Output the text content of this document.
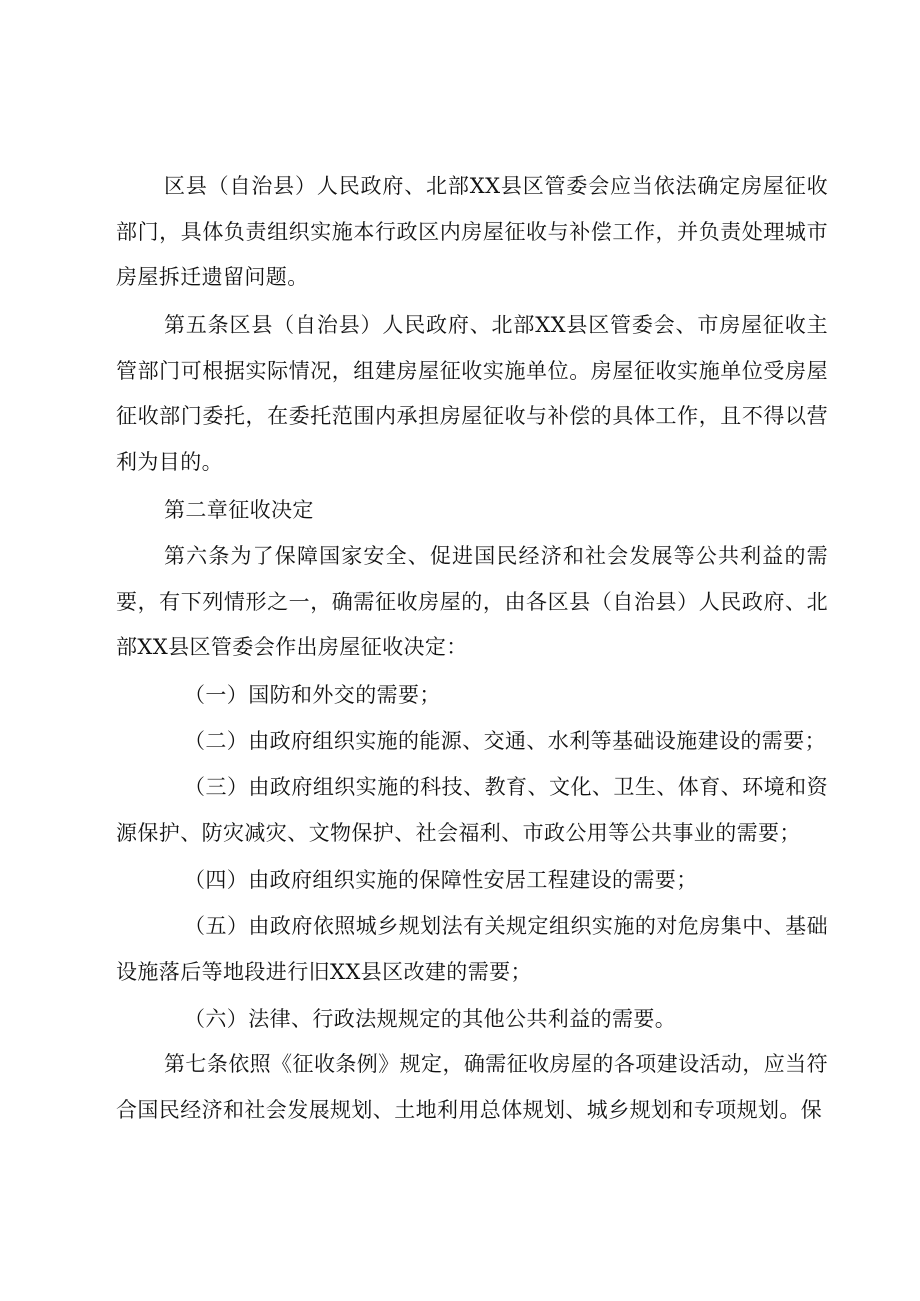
区县（自治县）人民政府、北部XX县区管委会应当依法确定房屋征收部门，具体负责组织实施本行政区内房屋征收与补偿工作，并负责处理城市房屋拆迁遗留问题。

第五条区县（自治县）人民政府、北部XX县区管委会、市房屋征收主管部门可根据实际情况，组建房屋征收实施单位。房屋征收实施单位受房屋征收部门委托，在委托范围内承担房屋征收与补偿的具体工作，且不得以营利为目的。

第二章征收决定

第六条为了保障国家安全、促进国民经济和社会发展等公共利益的需要，有下列情形之一，确需征收房屋的，由各区县（自治县）人民政府、北部XX县区管委会作出房屋征收决定：

（一）国防和外交的需要；

（二）由政府组织实施的能源、交通、水利等基础设施建设的需要；

（三）由政府组织实施的科技、教育、文化、卫生、体育、环境和资源保护、防灾减灾、文物保护、社会福利、市政公用等公共事业的需要；

（四）由政府组织实施的保障性安居工程建设的需要；

（五）由政府依照城乡规划法有关规定组织实施的对危房集中、基础设施落后等地段进行旧XX县区改建的需要；

（六）法律、行政法规规定的其他公共利益的需要。

第七条依照《征收条例》规定，确需征收房屋的各项建设活动，应当符合国民经济和社会发展规划、土地利用总体规划、城乡规划和专项规划。保
